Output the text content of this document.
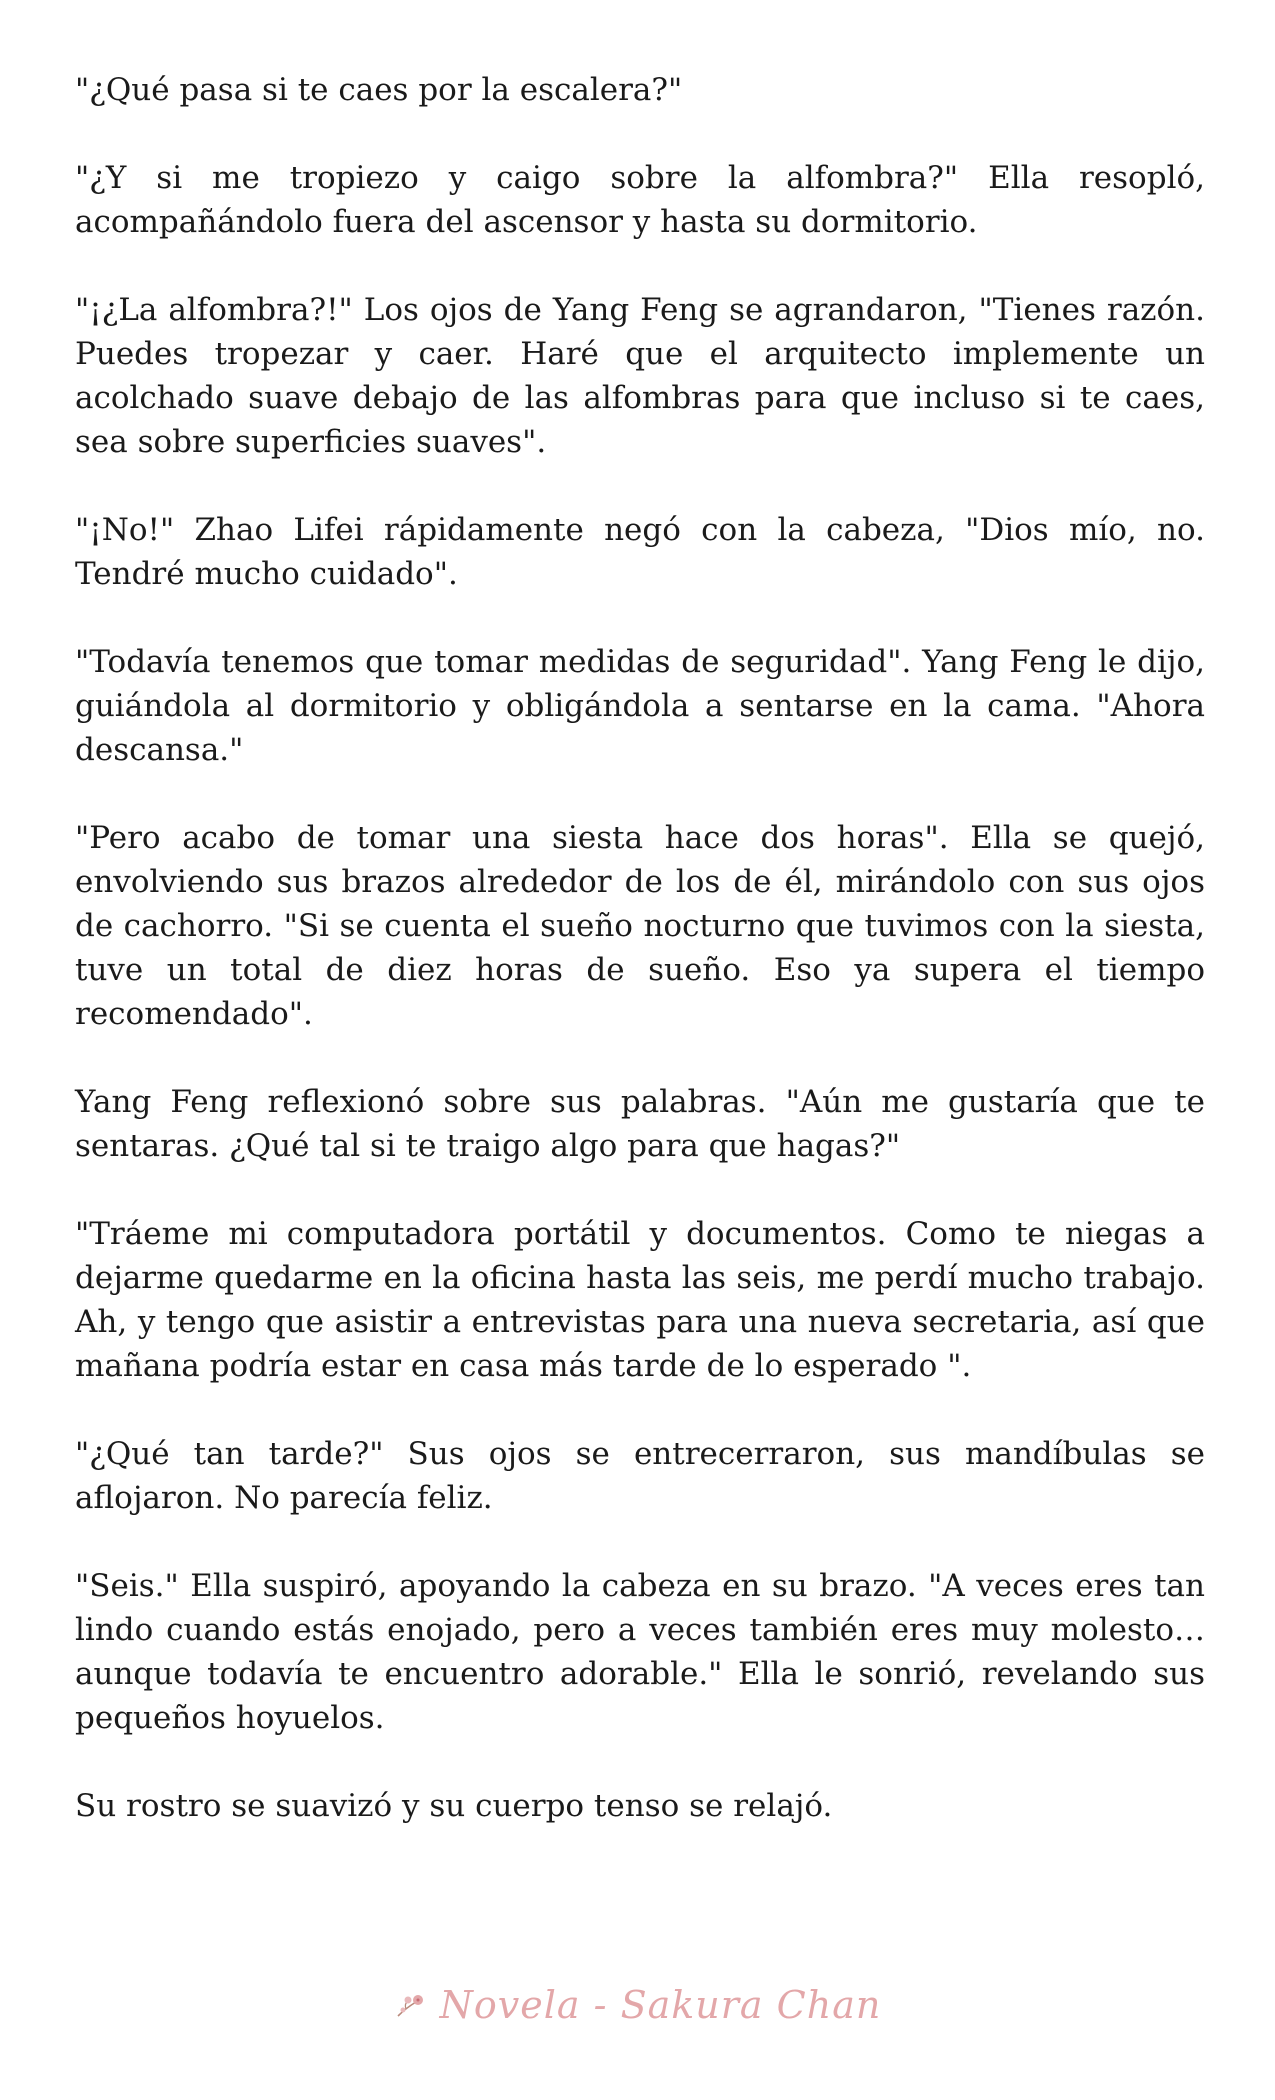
"¿Qué pasa si te caes por la escalera?"

"¿Y si me tropiezo y caigo sobre la alfombra?" Ella resopló, acompañándolo fuera del ascensor y hasta su dormitorio.

"¡¿La alfombra?!" Los ojos de Yang Feng se agrandaron, "Tienes razón. Puedes tropezar y caer. Haré que el arquitecto implemente un acolchado suave debajo de las alfombras para que incluso si te caes, sea sobre superficies suaves".

"¡No!" Zhao Lifei rápidamente negó con la cabeza, "Dios mío, no. Tendré mucho cuidado".

"Todavía tenemos que tomar medidas de seguridad". Yang Feng le dijo, guiándola al dormitorio y obligándola a sentarse en la cama. "Ahora descansa."

"Pero acabo de tomar una siesta hace dos horas". Ella se quejó, envolviendo sus brazos alrededor de los de él, mirándolo con sus ojos de cachorro. "Si se cuenta el sueño nocturno que tuvimos con la siesta, tuve un total de diez horas de sueño. Eso ya supera el tiempo recomendado".

Yang Feng reflexionó sobre sus palabras. "Aún me gustaría que te sentaras. ¿Qué tal si te traigo algo para que hagas?"

"Tráeme mi computadora portátil y documentos. Como te niegas a dejarme quedarme en la oficina hasta las seis, me perdí mucho trabajo. Ah, y tengo que asistir a entrevistas para una nueva secretaria, así que mañana podría estar en casa más tarde de lo esperado ".

"¿Qué tan tarde?" Sus ojos se entrecerraron, sus mandíbulas se aflojaron. No parecía feliz.

"Seis." Ella suspiró, apoyando la cabeza en su brazo. "A veces eres tan lindo cuando estás enojado, pero a veces también eres muy molesto… aunque todavía te encuentro adorable." Ella le sonrió, revelando sus pequeños hoyuelos.

Su rostro se suavizó y su cuerpo tenso se relajó.

Novela - Sakura Chan
